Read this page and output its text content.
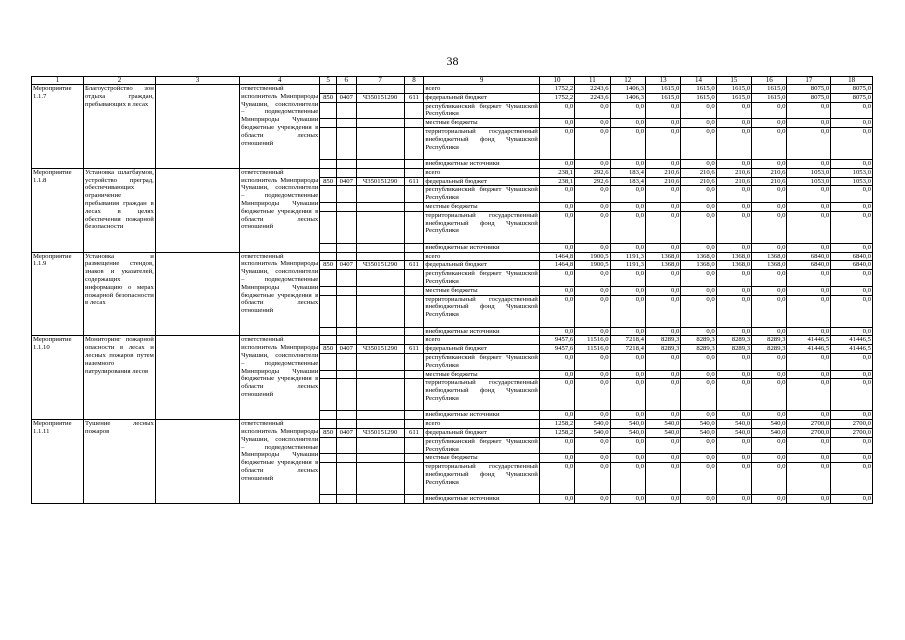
38
1	2	3	4	5	6	7	8	9	10	11	12	13	14	15	16	17	18
Мероприятие 1.1.7	Благоустройство зон отдыха граждан, пребывающих в лесах		ответственный исполнитель Минприроды Чувашии, соисполнители – подведомственные Минприроды Чувашии бюджетные учреждения в области лесных отношений					всего	1752,2	2243,6	1406,3	1615,0	1615,0	1615,0	1615,0	8075,0	8075,0
				850	0407	Ч350151290	611	федеральный бюджет	1752,2	2243,6	1406,3	1615,0	1615,0	1615,0	1615,0	8075,0	8075,0
								республиканский бюджет Чувашской Республики	0,0	0,0	0,0	0,0	0,0	0,0	0,0	0,0	0,0
								местные бюджеты	0,0	0,0	0,0	0,0	0,0	0,0	0,0	0,0	0,0
								территориальный государственный внебюджетный фонд Чувашской Республики	0,0	0,0	0,0	0,0	0,0	0,0	0,0	0,0	0,0
								внебюджетные источники	0,0	0,0	0,0	0,0	0,0	0,0	0,0	0,0	0,0
Мероприятие 1.1.8	Установка шлагбаумов, устройство преград, обеспечивающих ограничение пребывания граждан в лесах в целях обеспечения пожарной безопасности		ответственный исполнитель Минприроды Чувашии, соисполнители – подведомственные Минприроды Чувашии бюджетные учреждения в области лесных отношений					всего	238,1	292,6	183,4	210,6	210,6	210,6	210,6	1053,0	1053,0
				850	0407	Ч350151290	611	федеральный бюджет	238,1	292,6	183,4	210,6	210,6	210,6	210,6	1053,0	1053,0
								республиканский бюджет Чувашской Республики	0,0	0,0	0,0	0,0	0,0	0,0	0,0	0,0	0,0
								местные бюджеты	0,0	0,0	0,0	0,0	0,0	0,0	0,0	0,0	0,0
								территориальный государственный внебюджетный фонд Чувашской Республики	0,0	0,0	0,0	0,0	0,0	0,0	0,0	0,0	0,0
								внебюджетные источники	0,0	0,0	0,0	0,0	0,0	0,0	0,0	0,0	0,0
Мероприятие 1.1.9	Установка и размещение стендов, знаков и указателей, содержащих информацию о мерах пожарной безопасности в лесах		ответственный исполнитель Минприроды Чувашии, соисполнители – подведомственные Минприроды Чувашии бюджетные учреждения в области лесных отношений					всего	1464,8	1900,5	1191,3	1368,0	1368,0	1368,0	1368,0	6840,0	6840,0
				850	0407	Ч350151290	611	федеральный бюджет	1464,8	1900,5	1191,3	1368,0	1368,0	1368,0	1368,0	6840,0	6840,0
								республиканский бюджет Чувашской Республики	0,0	0,0	0,0	0,0	0,0	0,0	0,0	0,0	0,0
								местные бюджеты	0,0	0,0	0,0	0,0	0,0	0,0	0,0	0,0	0,0
								территориальный государственный внебюджетный фонд Чувашской Республики	0,0	0,0	0,0	0,0	0,0	0,0	0,0	0,0	0,0
								внебюджетные источники	0,0	0,0	0,0	0,0	0,0	0,0	0,0	0,0	0,0
Мероприятие 1.1.10	Мониторинг пожарной опасности в лесах и лесных пожаров путем наземного патрулирования лесов		ответственный исполнитель Минприроды Чувашии, соисполнители – подведомственные Минприроды Чувашии бюджетные учреждения в области лесных отношений					всего	9457,6	11516,0	7218,4	8289,3	8289,3	8289,3	8289,3	41446,5	41446,5
				850	0407	Ч350151290	611	федеральный бюджет	9457,6	11516,0	7218,4	8289,3	8289,3	8289,3	8289,3	41446,5	41446,5
								республиканский бюджет Чувашской Республики	0,0	0,0	0,0	0,0	0,0	0,0	0,0	0,0	0,0
								местные бюджеты	0,0	0,0	0,0	0,0	0,0	0,0	0,0	0,0	0,0
								территориальный государственный внебюджетный фонд Чувашской Республики	0,0	0,0	0,0	0,0	0,0	0,0	0,0	0,0	0,0
								внебюджетные источники	0,0	0,0	0,0	0,0	0,0	0,0	0,0	0,0	0,0
Мероприятие 1.1.11	Тушение лесных пожаров		ответственный исполнитель Минприроды Чувашии, соисполнители – подведомственные Минприроды Чувашии бюджетные учреждения в области лесных отношений					всего	1258,2	540,0	540,0	540,0	540,0	540,0	540,0	2700,0	2700,0
				850	0407	Ч350151290	611	федеральный бюджет	1258,2	540,0	540,0	540,0	540,0	540,0	540,0	2700,0	2700,0
								республиканский бюджет Чувашской Республики	0,0	0,0	0,0	0,0	0,0	0,0	0,0	0,0	0,0
								местные бюджеты	0,0	0,0	0,0	0,0	0,0	0,0	0,0	0,0	0,0
								территориальный государственный внебюджетный фонд Чувашской Республики	0,0	0,0	0,0	0,0	0,0	0,0	0,0	0,0	0,0
								внебюджетные источники	0,0	0,0	0,0	0,0	0,0	0,0	0,0	0,0	0,0
